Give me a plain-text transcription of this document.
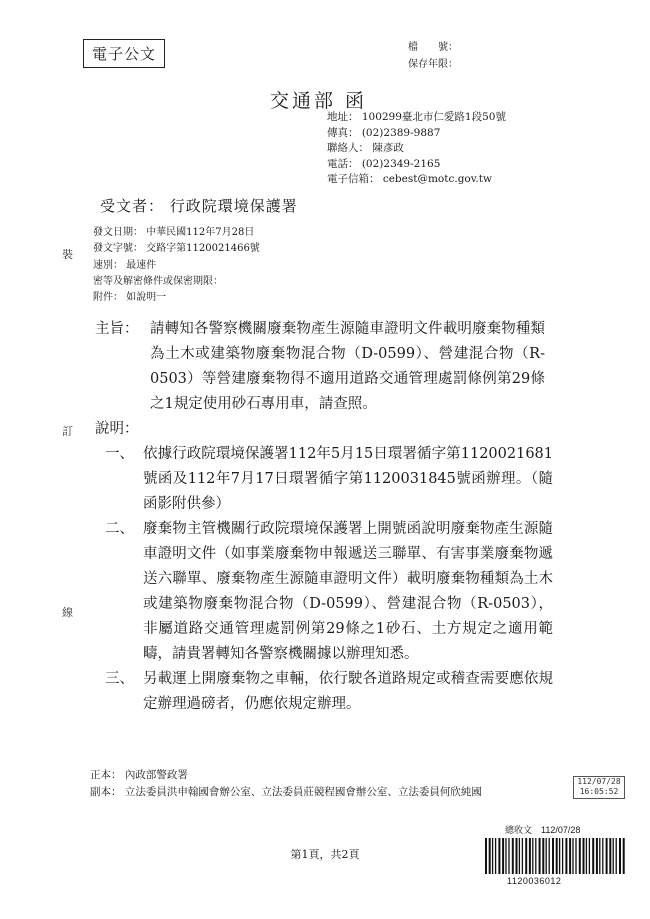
電子公文	檔　　號：
保存年限：
交通部 函
地址： 100299臺北市仁愛路1段50號
傳真： (02)2389-9887
聯絡人： 陳彥政
電話： (02)2349-2165
電子信箱： cebest@motc.gov.tw
受文者： 行政院環境保護署
發文日期： 中華民國112年7月28日
發文字號： 交路字第1120021466號
速別： 最速件
密等及解密條件或保密期限：
附件： 如說明一
主旨： 請轉知各警察機關廢棄物產生源隨車證明文件載明廢棄物種類為土木或建築物廢棄物混合物（D-0599）、營建混合物（R-0503）等營建廢棄物得不適用道路交通管理處罰條例第29條之1規定使用砂石專用車，請查照。
說明：
一、 依據行政院環境保護署112年5月15日環署循字第1120021681號函及112年7月17日環署循字第1120031845號函辦理。（隨函影附供參）
二、 廢棄物主管機關行政院環境保護署上開號函說明廢棄物產生源隨車證明文件（如事業廢棄物申報遞送三聯單、有害事業廢棄物遞送六聯單、廢棄物產生源隨車證明文件）載明廢棄物種類為土木或建築物廢棄物混合物（D-0599）、營建混合物（R-0503），非屬道路交通管理處罰例第29條之1砂石、土方規定之適用範疇，請貴署轉知各警察機關據以辦理知悉。
三、 另載運上開廢棄物之車輛，依行駛各道路規定或稽查需要應依規定辦理過磅者，仍應依規定辦理。
裝
訂
線
正本： 內政部警政署
副本： 立法委員洪申翰國會辦公室、立法委員莊競程國會辦公室、立法委員何欣純國
112/07/28
16:05:52
第1頁，共2頁
總收文　112/07/28
1120036012
